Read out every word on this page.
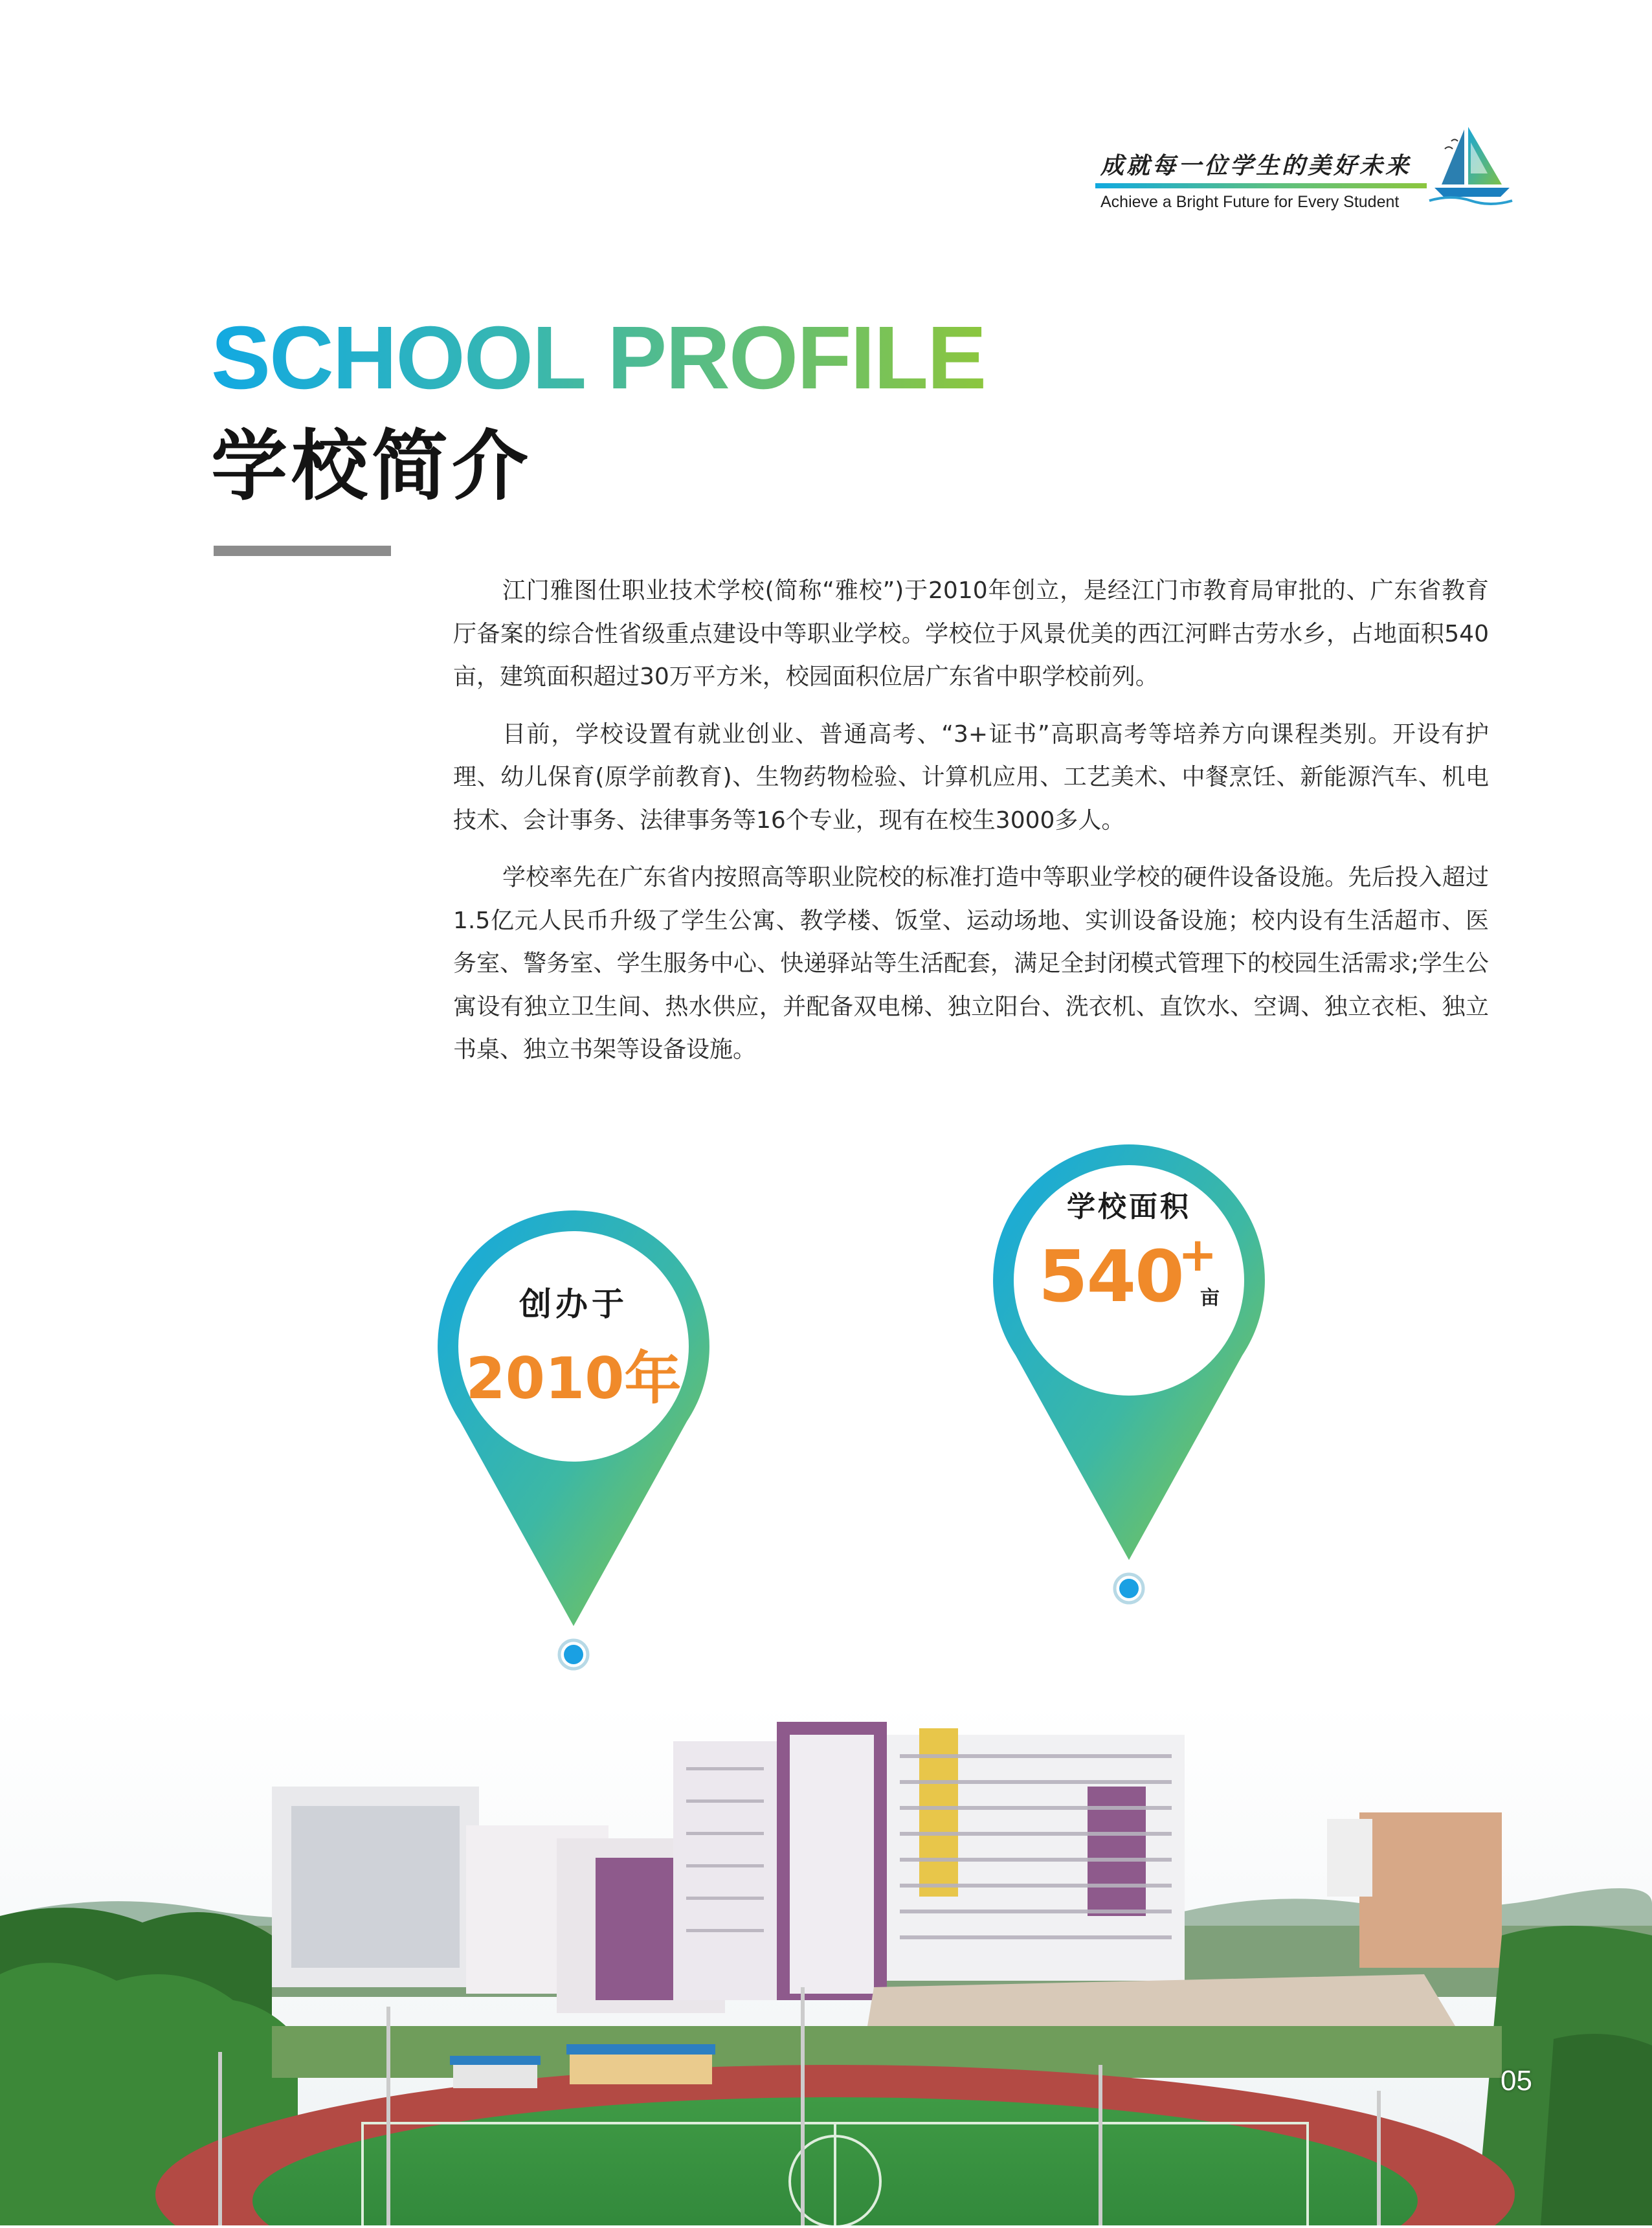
成就每一位学生的美好未来
Achieve a Bright Future for Every Student
SCHOOL PROFILE
学校简介

江门雅图仕职业技术学校(简称“雅校”)于2010年创立，是经江门市教育局审批的、广东省教育厅备案的综合性省级重点建设中等职业学校。学校位于风景优美的西江河畔古劳水乡，占地面积540亩，建筑面积超过30万平方米，校园面积位居广东省中职学校前列。

目前，学校设置有就业创业、普通高考、“3+证书”高职高考等培养方向课程类别。开设有护理、幼儿保育(原学前教育)、生物药物检验、计算机应用、工艺美术、中餐烹饪、新能源汽车、机电技术、会计事务、法律事务等16个专业，现有在校生3000多人。

学校率先在广东省内按照高等职业院校的标准打造中等职业学校的硬件设备设施。先后投入超过1.5亿元人民币升级了学生公寓、教学楼、饭堂、运动场地、实训设备设施；校内设有生活超市、医务室、警务室、学生服务中心、快递驿站等生活配套，满足全封闭模式管理下的校园生活需求;学生公寓设有独立卫生间、热水供应，并配备双电梯、独立阳台、洗衣机、直饮水、空调、独立衣柜、独立书桌、独立书架等设备设施。

创办于
2010年
学校面积
540
+
亩
05
